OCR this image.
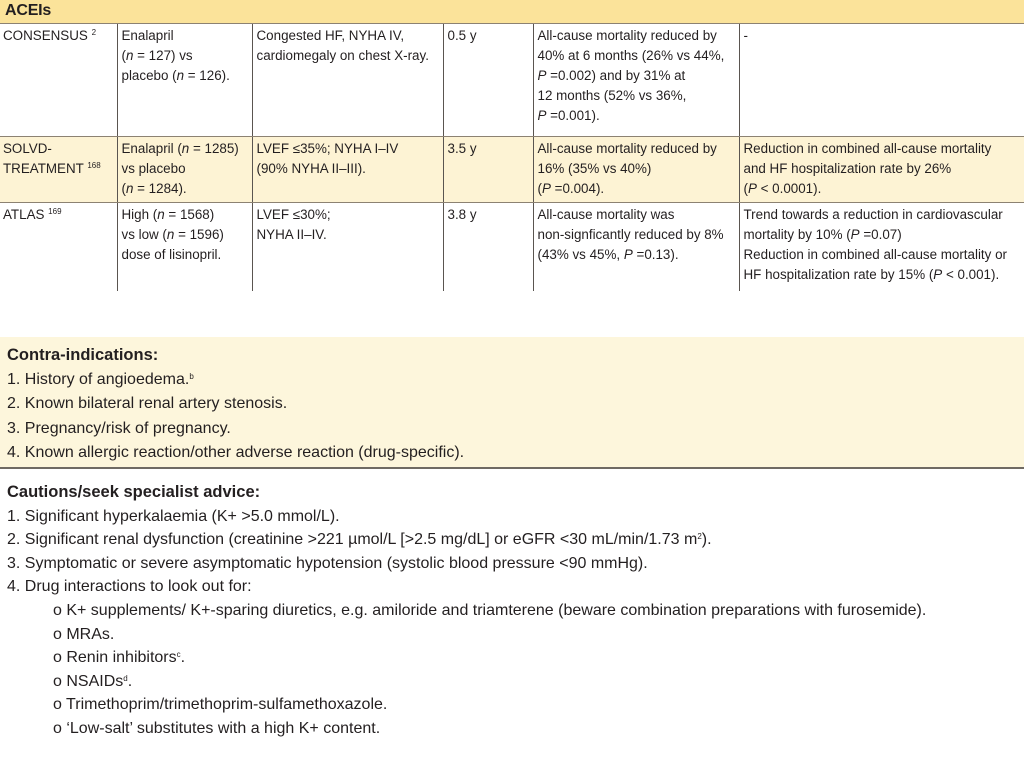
ACEIs
CONSENSUS $^2$	Enalapril
(n = 127) vs
placebo (n = 126).	Congested HF, NYHA IV,
cardiomegaly on chest X-ray.	0.5 y	All-cause mortality reduced by
40% at 6 months (26% vs 44%,
P =0.002) and by 31% at
12 months (52% vs 36%,
P =0.001).	-

SOLVD-
TREATMENT $^{168}$	Enalapril (n = 1285)
vs placebo
(n = 1284).	LVEF ≤35%; NYHA I–IV
(90% NYHA II–III).	3.5 y	All-cause mortality reduced by
16% (35% vs 40%)
(P =0.004).	Reduction in combined all-cause mortality
and HF hospitalization rate by 26%
(P < 0.0001).

ATLAS $^{169}$	High (n = 1568)
vs low (n = 1596)
dose of lisinopril.	LVEF ≤30%;
NYHA II–IV.	3.8 y	All-cause mortality was
non-signficantly reduced by 8%
(43% vs 45%, P =0.13).	Trend towards a reduction in cardiovascular
mortality by 10% (P =0.07)
Reduction in combined all-cause mortality or
HF hospitalization rate by 15% (P < 0.001).
Contra-indications:
1. History of angioedema.$^b$
2. Known bilateral renal artery stenosis.
3. Pregnancy/risk of pregnancy.
4. Known allergic reaction/other adverse reaction (drug-specific).
Cautions/seek specialist advice:
1. Significant hyperkalaemia (K+ >5.0 mmol/L).
2. Significant renal dysfunction (creatinine >221 µmol/L [>2.5 mg/dL] or eGFR <30 mL/min/1.73 $m^2$).
3. Symptomatic or severe asymptomatic hypotension (systolic blood pressure <90 mmHg).
4. Drug interactions to look out for:
o K+ supplements/ K+-sparing diuretics, e.g. amiloride and triamterene (beware combination preparations with furosemide).
o MRAs.
o Renin inhibitors$^c$.
o NSAIDs$^d$.
o Trimethoprim/trimethoprim-sulfamethoxazole.
o ‘Low-salt’ substitutes with a high K+ content.
